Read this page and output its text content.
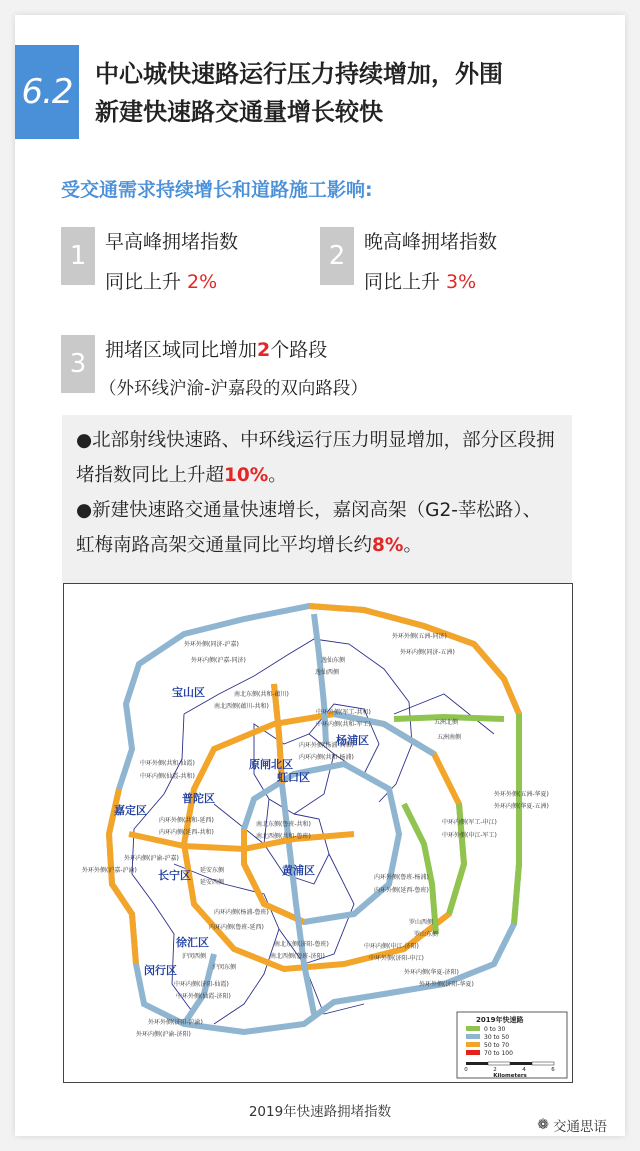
6.2 中心城快速路运行压力持续增加，外围
新建快速路交通量增长较快
受交通需求持续增长和道路施工影响:
1 早高峰拥堵指数
同比上升 2%
2 晚高峰拥堵指数
同比上升 3%
3 拥堵区域同比增加2个路段
（外环线沪渝-沪嘉段的双向路段）
●北部射线快速路、中环线运行压力明显增加，部分区段拥堵指数同比上升超10%。
●新建快速路交通量快速增长，嘉闵高架（G2-莘松路）、虹梅南路高架交通量同比平均增长约8%。
宝山区
原闸北区
虹口区
杨浦区
普陀区
嘉定区
长宁区	黄浦区
徐汇区
闵行区
外环外侧(同济-沪嘉)
外环内侧(沪嘉-同济)
外环外侧(五洲-同济)
外环内侧(同济-五洲)
逸仙东侧
逸仙西侧
南北东侧(共和-蕴川)
南北西侧(蕴川-共和)
中环外侧(军工-共和)
中环内侧(共和-军工)	五洲北侧
五洲南侧
内环外侧(杨浦-共和)
内环内侧(共和-杨浦)
中环外侧(共和-仙霞)
中环内侧(仙霞-共和)
外环外侧(五洲-华夏)
外环内侧(华夏-五洲)
内环外侧(共和-延西)
内环内侧(延西-共和)
中环内侧(军工-申江)
中环外侧(申江-军工)
南北东侧(鲁班-共和)
南北西侧(共和-鲁班)
外环内侧(沪渝-沪嘉)
外环外侧(沪嘉-沪渝)	延安东侧
延安西侧
内环内侧(杨浦-鲁班)
内环外侧(鲁班-杨浦)
内环内侧(鲁班-延西)
内环外侧(延西-鲁班)
罗山西侧
罗山东侧
沪闵西侧
沪闵东侧
南北东侧(济阳-鲁班)
南北西侧(鲁班-济阳)
中环内侧(申江-济阳)
中环外侧(济阳-申江)
外环内侧(华夏-济阳)
外环外侧(济阳-华夏)
中环内侧(济阳-仙霞)
中环外侧(仙霞-济阳)
外环外侧(济阳-沪渝)
外环内侧(沪渝-济阳)
2019年快速路
0 to 30
30 to 50
50 to 70
70 to 100
0	2	4	6
Kilometers
2019年快速路拥堵指数
❁ 交通思语
